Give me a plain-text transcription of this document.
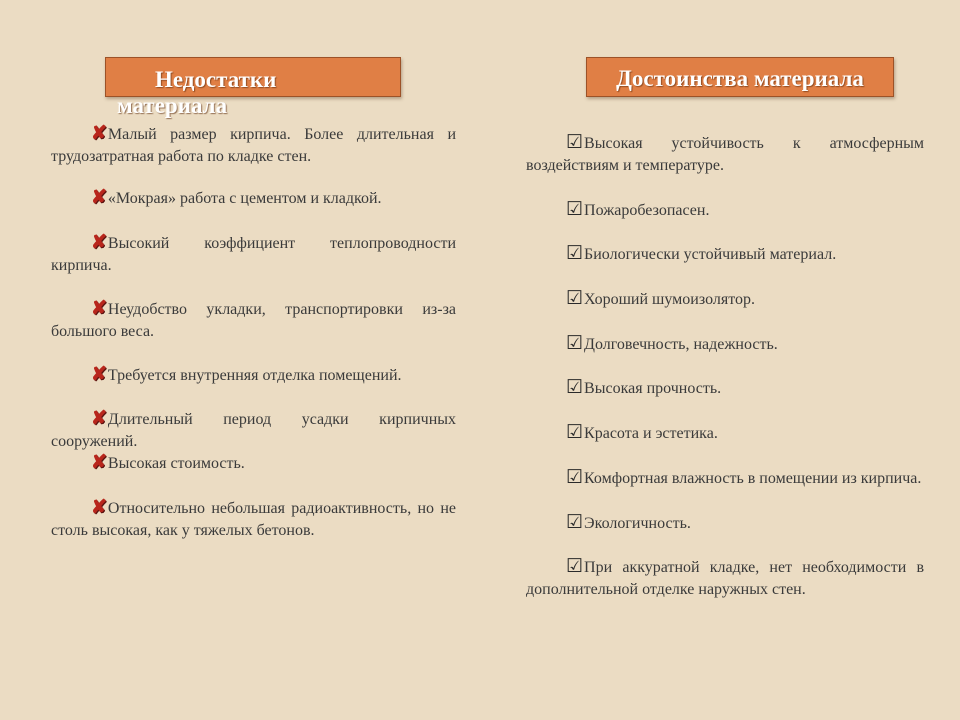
Недостатки материала
Достоинства материала
✘Малый размер кирпича. Более длительная и трудозатратная работа по кладке стен.
✘«Мокрая» работа с цементом и кладкой.
✘Высокий коэффициент теплопроводности кирпича.
✘Неудобство укладки, транспортировки из-за большого веса.
✘Требуется внутренняя отделка помещений.
✘Длительный период усадки кирпичных сооружений.
✘Высокая стоимость.
✘Относительно небольшая радиоактивность, но не столь высокая, как у тяжелых бетонов.
☑Высокая устойчивость к атмосферным воздействиям и температуре.
☑Пожаробезопасен.
☑Биологически устойчивый материал.
☑Хороший шумоизолятор.
☑Долговечность, надежность.
☑Высокая прочность.
☑Красота и эстетика.
☑Комфортная влажность в помещении из кирпича.
☑Экологичность.
☑При аккуратной кладке, нет необходимости в дополнительной отделке наружных стен.
